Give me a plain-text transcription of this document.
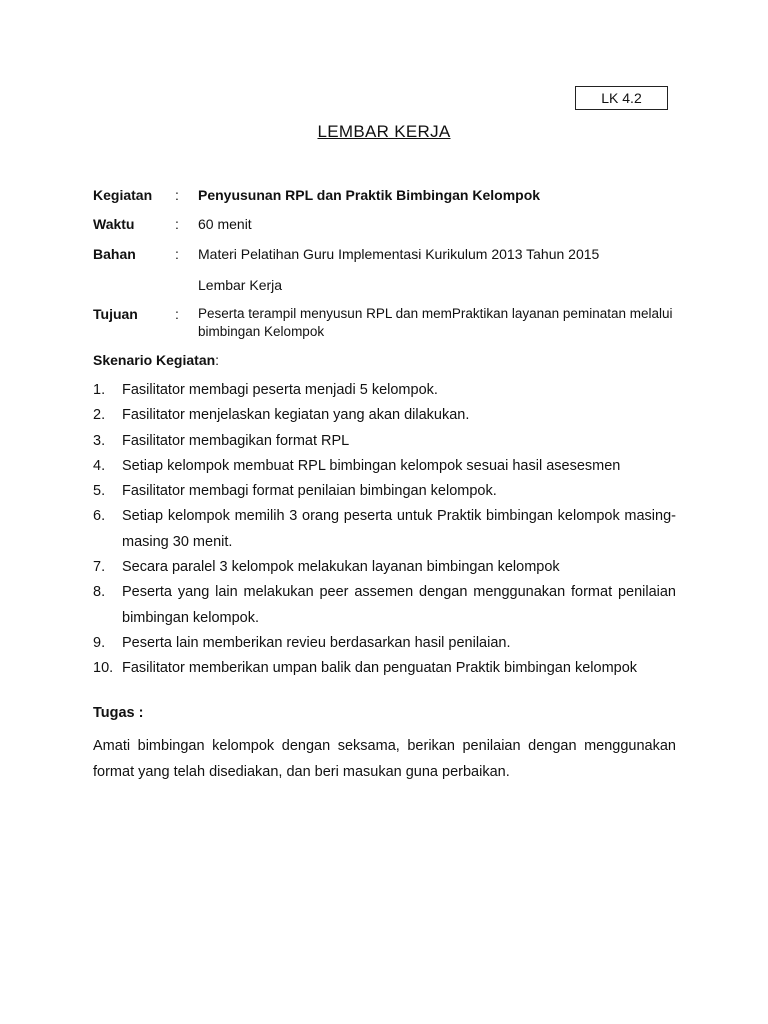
LK 4.2
LEMBAR KERJA
Kegiatan : Penyusunan RPL dan Praktik Bimbingan Kelompok
Waktu	: 60 menit
Bahan	: Materi Pelatihan Guru Implementasi Kurikulum 2013 Tahun 2015
Lembar Kerja
Tujuan	: Peserta terampil menyusun RPL dan memPraktikan layanan peminatan melalui bimbingan Kelompok
Skenario Kegiatan:
1. Fasilitator membagi peserta menjadi 5 kelompok.
2. Fasilitator menjelaskan kegiatan yang akan dilakukan.
3. Fasilitator membagikan format RPL
4. Setiap kelompok membuat RPL bimbingan kelompok sesuai hasil asesesmen
5. Fasilitator membagi format penilaian bimbingan kelompok.
6. Setiap kelompok memilih 3 orang peserta untuk Praktik bimbingan kelompok masing-masing 30 menit.
7. Secara paralel 3 kelompok melakukan layanan bimbingan kelompok
8. Peserta yang lain melakukan peer assemen dengan menggunakan format penilaian bimbingan kelompok.
9. Peserta lain memberikan revieu berdasarkan hasil penilaian.
10. Fasilitator memberikan umpan balik dan penguatan Praktik bimbingan kelompok
Tugas :
Amati bimbingan kelompok dengan seksama, berikan penilaian dengan menggunakan format yang telah disediakan, dan beri masukan guna perbaikan.
